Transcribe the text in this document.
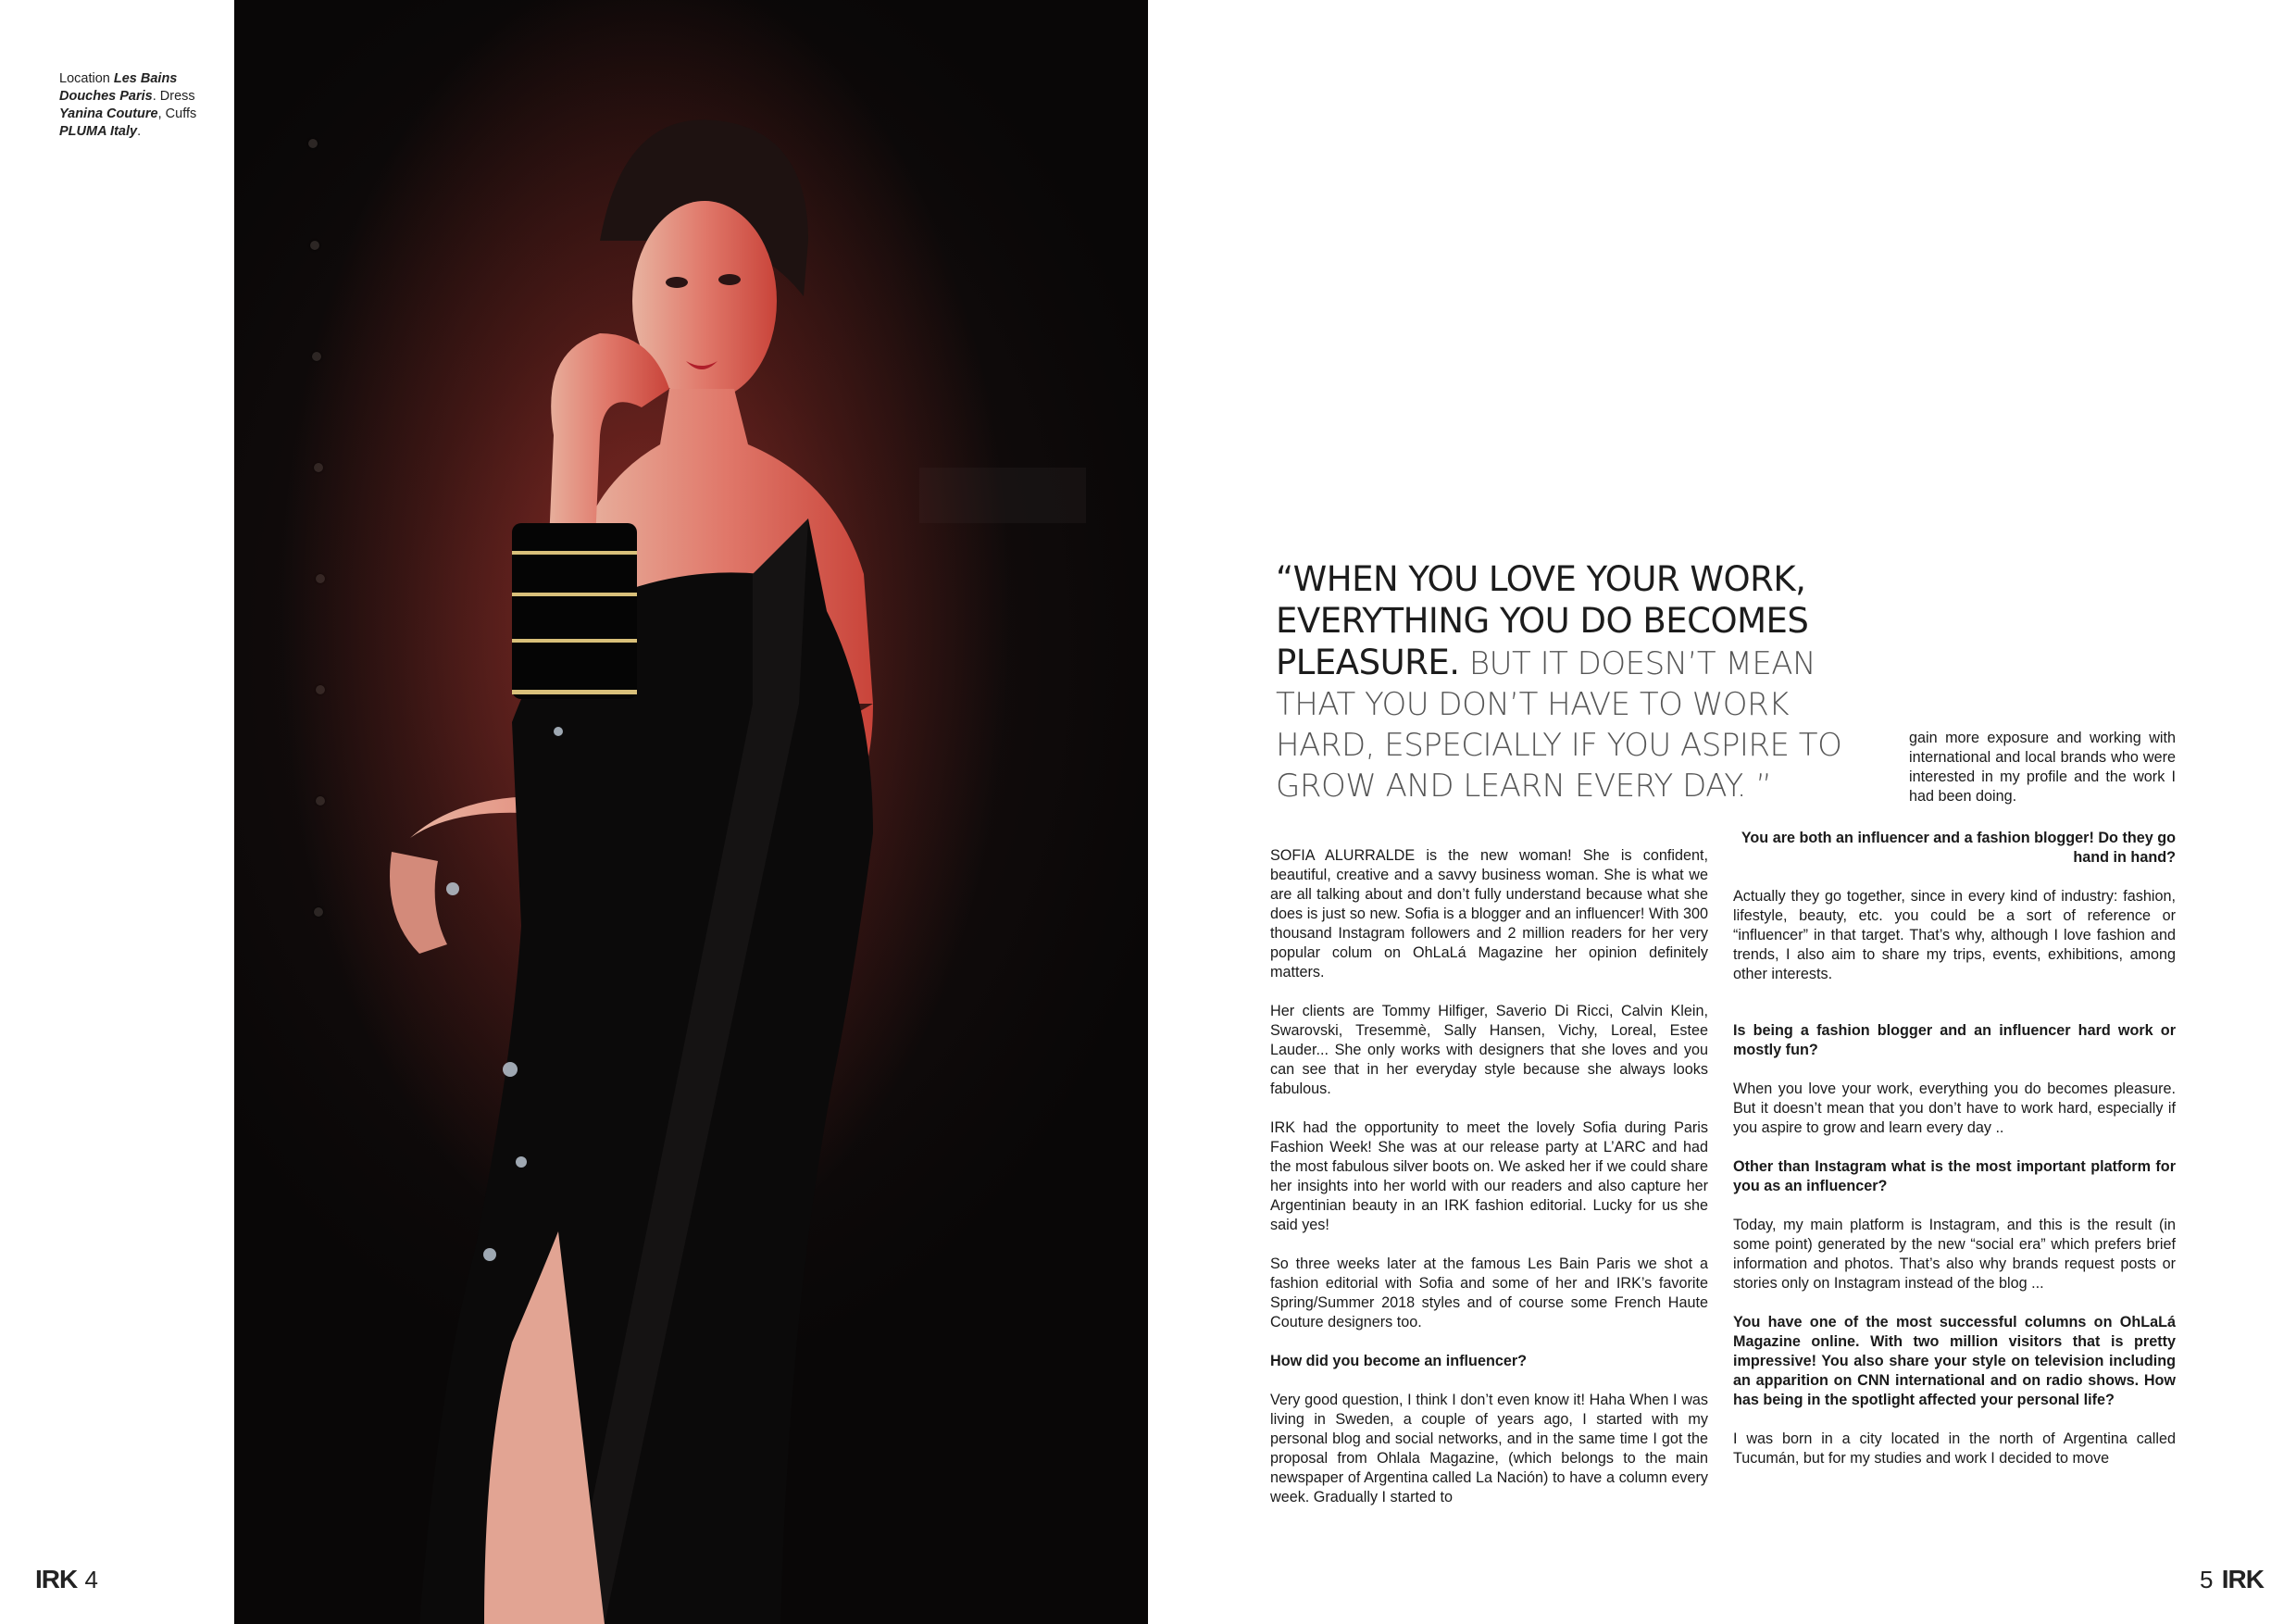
Location Les Bains Douches Paris. Dress Yanina Couture, Cuffs PLUMA Italy.
IRK 4	5 IRK
“WHEN YOU LOVE YOUR WORK, EVERYTHING YOU DO BECOMES PLEASURE. BUT IT DOESN’T MEAN THAT YOU DON’T HAVE TO WORK HARD, ESPECIALLY IF YOU ASPIRE TO GROW AND LEARN EVERY DAY. ”

SOFIA ALURRALDE is the new woman! She is confident, beautiful, creative and a savvy business woman. She is what we are all talking about and don’t fully understand because what she does is just so new. Sofia is a blogger and an influencer! With 300 thousand Instagram followers and 2 million readers for her very popular colum on OhLaLá Magazine her opinion definitely matters.

Her clients are Tommy Hilfiger, Saverio Di Ricci, Calvin Klein, Swarovski, Tresemmè, Sally Hansen, Vichy, Loreal, Estee Lauder... She only works with designers that she loves and you can see that in her everyday style because she always looks fabulous.

IRK had the opportunity to meet the lovely Sofia during Paris Fashion Week! She was at our release party at L’ARC and had the most fabulous silver boots on. We asked her if we could share her insights into her world with our readers and also capture her Argentinian beauty in an IRK fashion editorial. Lucky for us she said yes!

So three weeks later at the famous Les Bain Paris we shot a fashion editorial with Sofia and some of her and IRK’s favorite Spring/Summer 2018 styles and of course some French Haute Couture designers too.

How did you become an influencer?

Very good question, I think I don’t even know it! Haha When I was living in Sweden, a couple of years ago, I started with my personal blog and social networks, and in the same time I got the proposal from Ohlala Magazine, (which belongs to the main newspaper of Argentina called La Nación) to have a column every week. Gradually I started to

gain more exposure and working with international and local brands who were interested in my profile and the work I had been doing.

You are both an influencer and a fashion blogger! Do they go hand in hand?

Actually they go together, since in every kind of industry: fashion, lifestyle, beauty, etc. you could be a sort of reference or “influencer” in that target. That’s why, although I love fashion and trends, I also aim to share my trips, events, exhibitions, among other interests.

Is being a fashion blogger and an influencer hard work or mostly fun?

When you love your work, everything you do becomes pleasure. But it doesn’t mean that you don’t have to work hard, especially if you aspire to grow and learn every day ..

Other than Instagram what is the most important platform for you as an influencer?

Today, my main platform is Instagram, and this is the result (in some point) generated by the new “social era” which prefers brief information and photos. That’s also why brands request posts or stories only on Instagram instead of the blog ...

You have one of the most successful columns on OhLaLá Magazine online. With two million visitors that is pretty impressive! You also share your style on television including an apparition on CNN international and on radio shows. How has being in the spotlight affected your personal life?

I was born in a city located in the north of Argentina called Tucumán, but for my studies and work I decided to move
